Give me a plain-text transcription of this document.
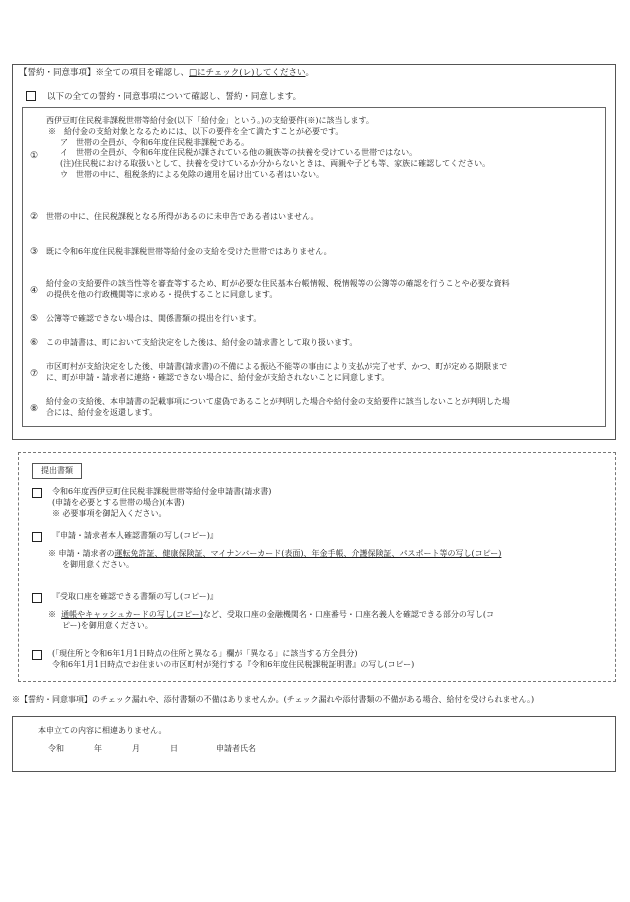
【誓約・同意事項】※全ての項目を確認し、□にチェック(レ)してください。
以下の全ての誓約・同意事項について確認し、誓約・同意します。
①
西伊豆町住民税非課税世帯等給付金(以下「給付金」という。)の支給要件(※)に該当します。
※　給付金の支給対象となるためには、以下の要件を全て満たすことが必要です。
ア　世帯の全員が、令和6年度住民税非課税である。
イ　世帯の全員が、令和6年度住民税が課されている他の親族等の扶養を受けている世帯ではない。
(注)住民税における取扱いとして、扶養を受けているか分からないときは、両親や子ども等、家族に確認してください。
ウ　世帯の中に、租税条約による免除の適用を届け出ている者はいない。
② 世帯の中に、住民税課税となる所得があるのに未申告である者はいません。
③ 既に令和6年度住民税非課税世帯等給付金の支給を受けた世帯ではありません。
④
給付金の支給要件の該当性等を審査等するため、町が必要な住民基本台帳情報、税情報等の公簿等の確認を行うことや必要な資料
の提供を他の行政機関等に求める・提供することに同意します。
⑤ 公簿等で確認できない場合は、関係書類の提出を行います。
⑥ この申請書は、町において支給決定をした後は、給付金の請求書として取り扱います。
⑦
市区町村が支給決定をした後、申請書(請求書)の不備による振込不能等の事由により支払が完了せず、かつ、町が定める期限まで
に、町が申請・請求者に連絡・確認できない場合に、給付金が支給されないことに同意します。
⑧
給付金の支給後、本申請書の記載事項について虚偽であることが判明した場合や給付金の支給要件に該当しないことが判明した場
合には、給付金を返還します。
提出書類
令和6年度西伊豆町住民税非課税世帯等給付金申請書(請求書)
(申請を必要とする世帯の場合)(本書)
※ 必要事項を御記入ください。
『申請・請求者本人確認書類の写し(コピー)』
※ 申請・請求者の運転免許証、健康保険証、マイナンバーカード(表面)、年金手帳、介護保険証、パスポート等の写し(コピー)
を御用意ください。
『受取口座を確認できる書類の写し(コピー)』
※ 通帳やキャッシュカードの写し(コピー)など、受取口座の金融機関名・口座番号・口座名義人を確認できる部分の写し(コ
ピー)を御用意ください。
(「現住所と令和6年1月1日時点の住所と異なる」欄が「異なる」に該当する方全員分)
令和6年1月1日時点でお住まいの市区町村が発行する『令和6年度住民税課税証明書』の写し(コピー)
※【誓約・同意事項】のチェック漏れや、添付書類の不備はありませんか。(チェック漏れや添付書類の不備がある場合、給付を受けられません。)
本申立ての内容に相違ありません。
令和	年	月	日	申請者氏名
